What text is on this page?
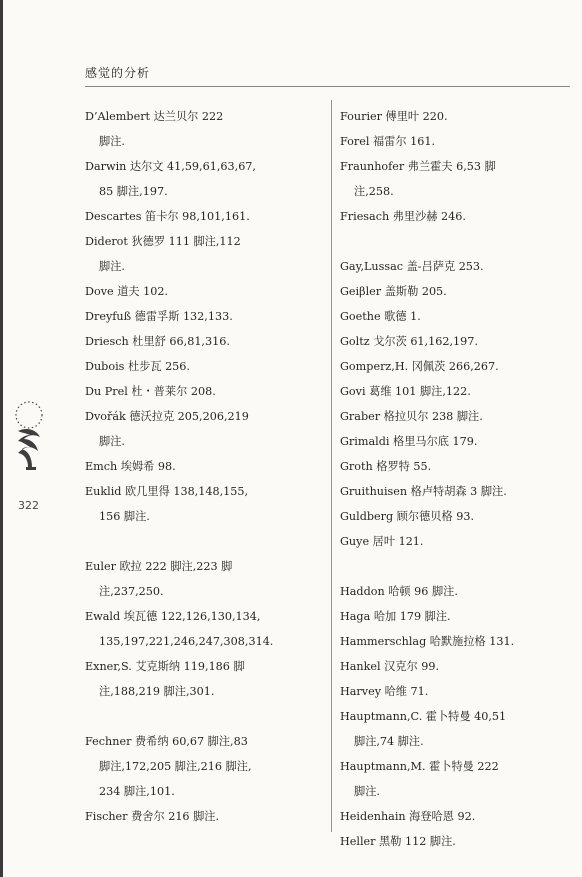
感觉的分析
D’Alembert 达兰贝尔 222
脚注.
Darwin 达尔文 41,59,61,63,67,
85 脚注,197.
Descartes 笛卡尔 98,101,161.
Diderot 狄德罗 111 脚注,112
脚注.
Dove 道夫 102.
Dreyfuß 德雷孚斯 132,133.
Driesch 杜里舒 66,81,316.
Dubois 杜步瓦 256.
Du Prel 杜・普莱尔 208.
Dvořák 德沃拉克 205,206,219
脚注.
Emch 埃姆希 98.
Euklid 欧几里得 138,148,155,
156 脚注.
Euler 欧拉 222 脚注,223 脚
注,237,250.
Ewald 埃瓦德 122,126,130,134,
135,197,221,246,247,308,314.
Exner,S. 艾克斯纳 119,186 脚
注,188,219 脚注,301.
Fechner 费希纳 60,67 脚注,83
脚注,172,205 脚注,216 脚注,
234 脚注,101.
Fischer 费舍尔 216 脚注.
Fourier 傅里叶 220.
Forel 福雷尔 161.
Fraunhofer 弗兰霍夫 6,53 脚
注,258.
Friesach 弗里沙赫 246.
Gay,Lussac 盖-吕萨克 253.
Geiβler 盖斯勒 205.
Goethe 歌德 1.
Goltz 戈尔茨 61,162,197.
Gomperz,H. 冈佩茨 266,267.
Govi 葛维 101 脚注,122.
Graber 格拉贝尔 238 脚注.
Grimaldi 格里马尔底 179.
Groth 格罗特 55.
Gruithuisen 格卢特胡森 3 脚注.
Guldberg 顾尔德贝格 93.
Guye 居叶 121.
Haddon 哈顿 96 脚注.
Haga 哈加 179 脚注.
Hammerschlag 哈默施拉格 131.
Hankel 汉克尔 99.
Harvey 哈维 71.
Hauptmann,C. 霍卜特曼 40,51
脚注,74 脚注.
Hauptmann,M. 霍卜特曼 222
脚注.
Heidenhain 海登哈恩 92.
Heller 黑勒 112 脚注.
322
